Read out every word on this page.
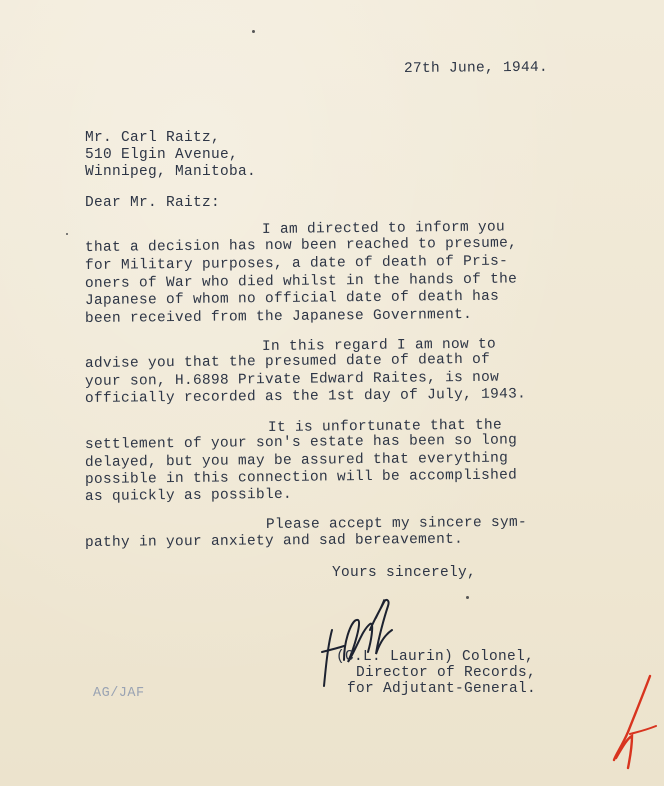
27th June, 1944.
Mr. Carl Raitz,
510 Elgin Avenue,
Winnipeg, Manitoba.
Dear Mr. Raitz:
I am directed to inform you
that a decision has now been reached to presume,
for Military purposes, a date of death of Pris-
oners of War who died whilst in the hands of the
Japanese of whom no official date of death has
been received from the Japanese Government.
In this regard I am now to
advise you that the presumed date of death of
your son, H.6898 Private Edward Raites, is now
officially recorded as the 1st day of July, 1943.
It is unfortunate that the
settlement of your son's estate has been so long
delayed, but you may be assured that everything
possible in this connection will be accomplished
as quickly as possible.
Please accept my sincere sym-
pathy in your anxiety and sad bereavement.
Yours sincerely,
(C.L. Laurin) Colonel,
Director of Records,
for Adjutant-General.
AG/JAF
